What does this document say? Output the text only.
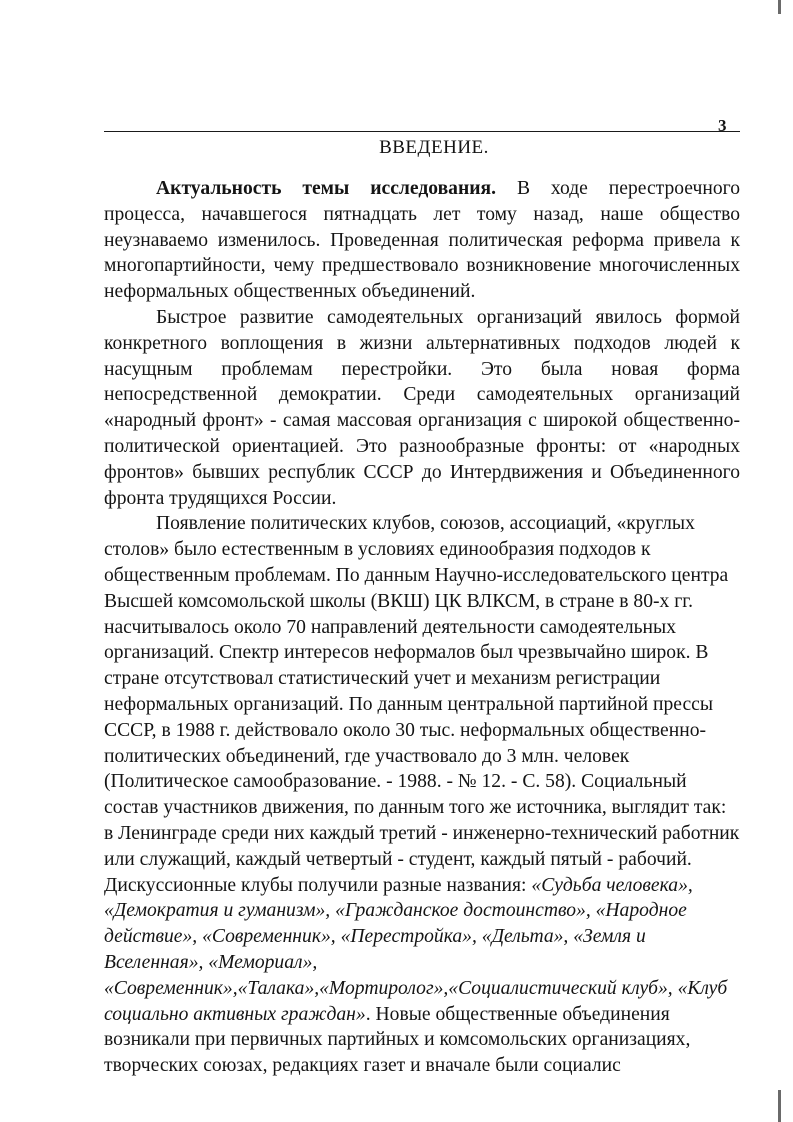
3
ВВЕДЕНИЕ.

Актуальность темы исследования. В ходе перестроечного процесса, начавшегося пятнадцать лет тому назад, наше общество неузнаваемо изменилось. Проведенная политическая реформа привела к многопартийности, чему предшествовало возникновение многочисленных неформальных общественных объединений.

Быстрое развитие самодеятельных организаций явилось формой конкретного воплощения в жизни альтернативных подходов людей к насущным проблемам перестройки. Это была новая форма непосредственной демократии. Среди самодеятельных организаций «народный фронт» - самая массовая организация с широкой общественно-политической ориентацией. Это разнообразные фронты: от «народных фронтов» бывших республик СССР до Интердвижения и Объединенного фронта трудящихся России.

Появление политических клубов, союзов, ассоциаций, «круглых столов» было естественным в условиях единообразия подходов к общественным проблемам. По данным Научно-исследовательского центра Высшей комсомольской школы (ВКШ) ЦК ВЛКСМ, в стране в 80-х гг. насчитывалось около 70 направлений деятельности самодеятельных организаций. Спектр интересов неформалов был чрезвычайно широк. В стране отсутствовал статистический учет и механизм регистрации неформальных организаций. По данным центральной партийной прессы СССР, в 1988 г. действовало около 30 тыс. неформальных общественно-политических объединений, где участвовало до 3 млн. человек (Политическое самообразование. - 1988. - № 12. - С. 58). Социальный состав участников движения, по данным того же источника, выглядит так: в Ленинграде среди них каждый третий - инженерно-технический работник или служащий, каждый четвертый - студент, каждый пятый - рабочий. Дискуссионные клубы получили разные названия: «Судьба человека», «Демократия и гуманизм», «Гражданское достоинство», «Народное действие», «Современник», «Перестройка», «Дельта», «Земля и Вселенная», «Мемориал», «Современник»,«Талака»,«Мортиролог»,«Социалистический клуб», «Клуб социально активных граждан». Новые общественные объединения возникали при первичных партийных и комсомольских организациях, творческих союзах, редакциях газет и вначале были социалис
